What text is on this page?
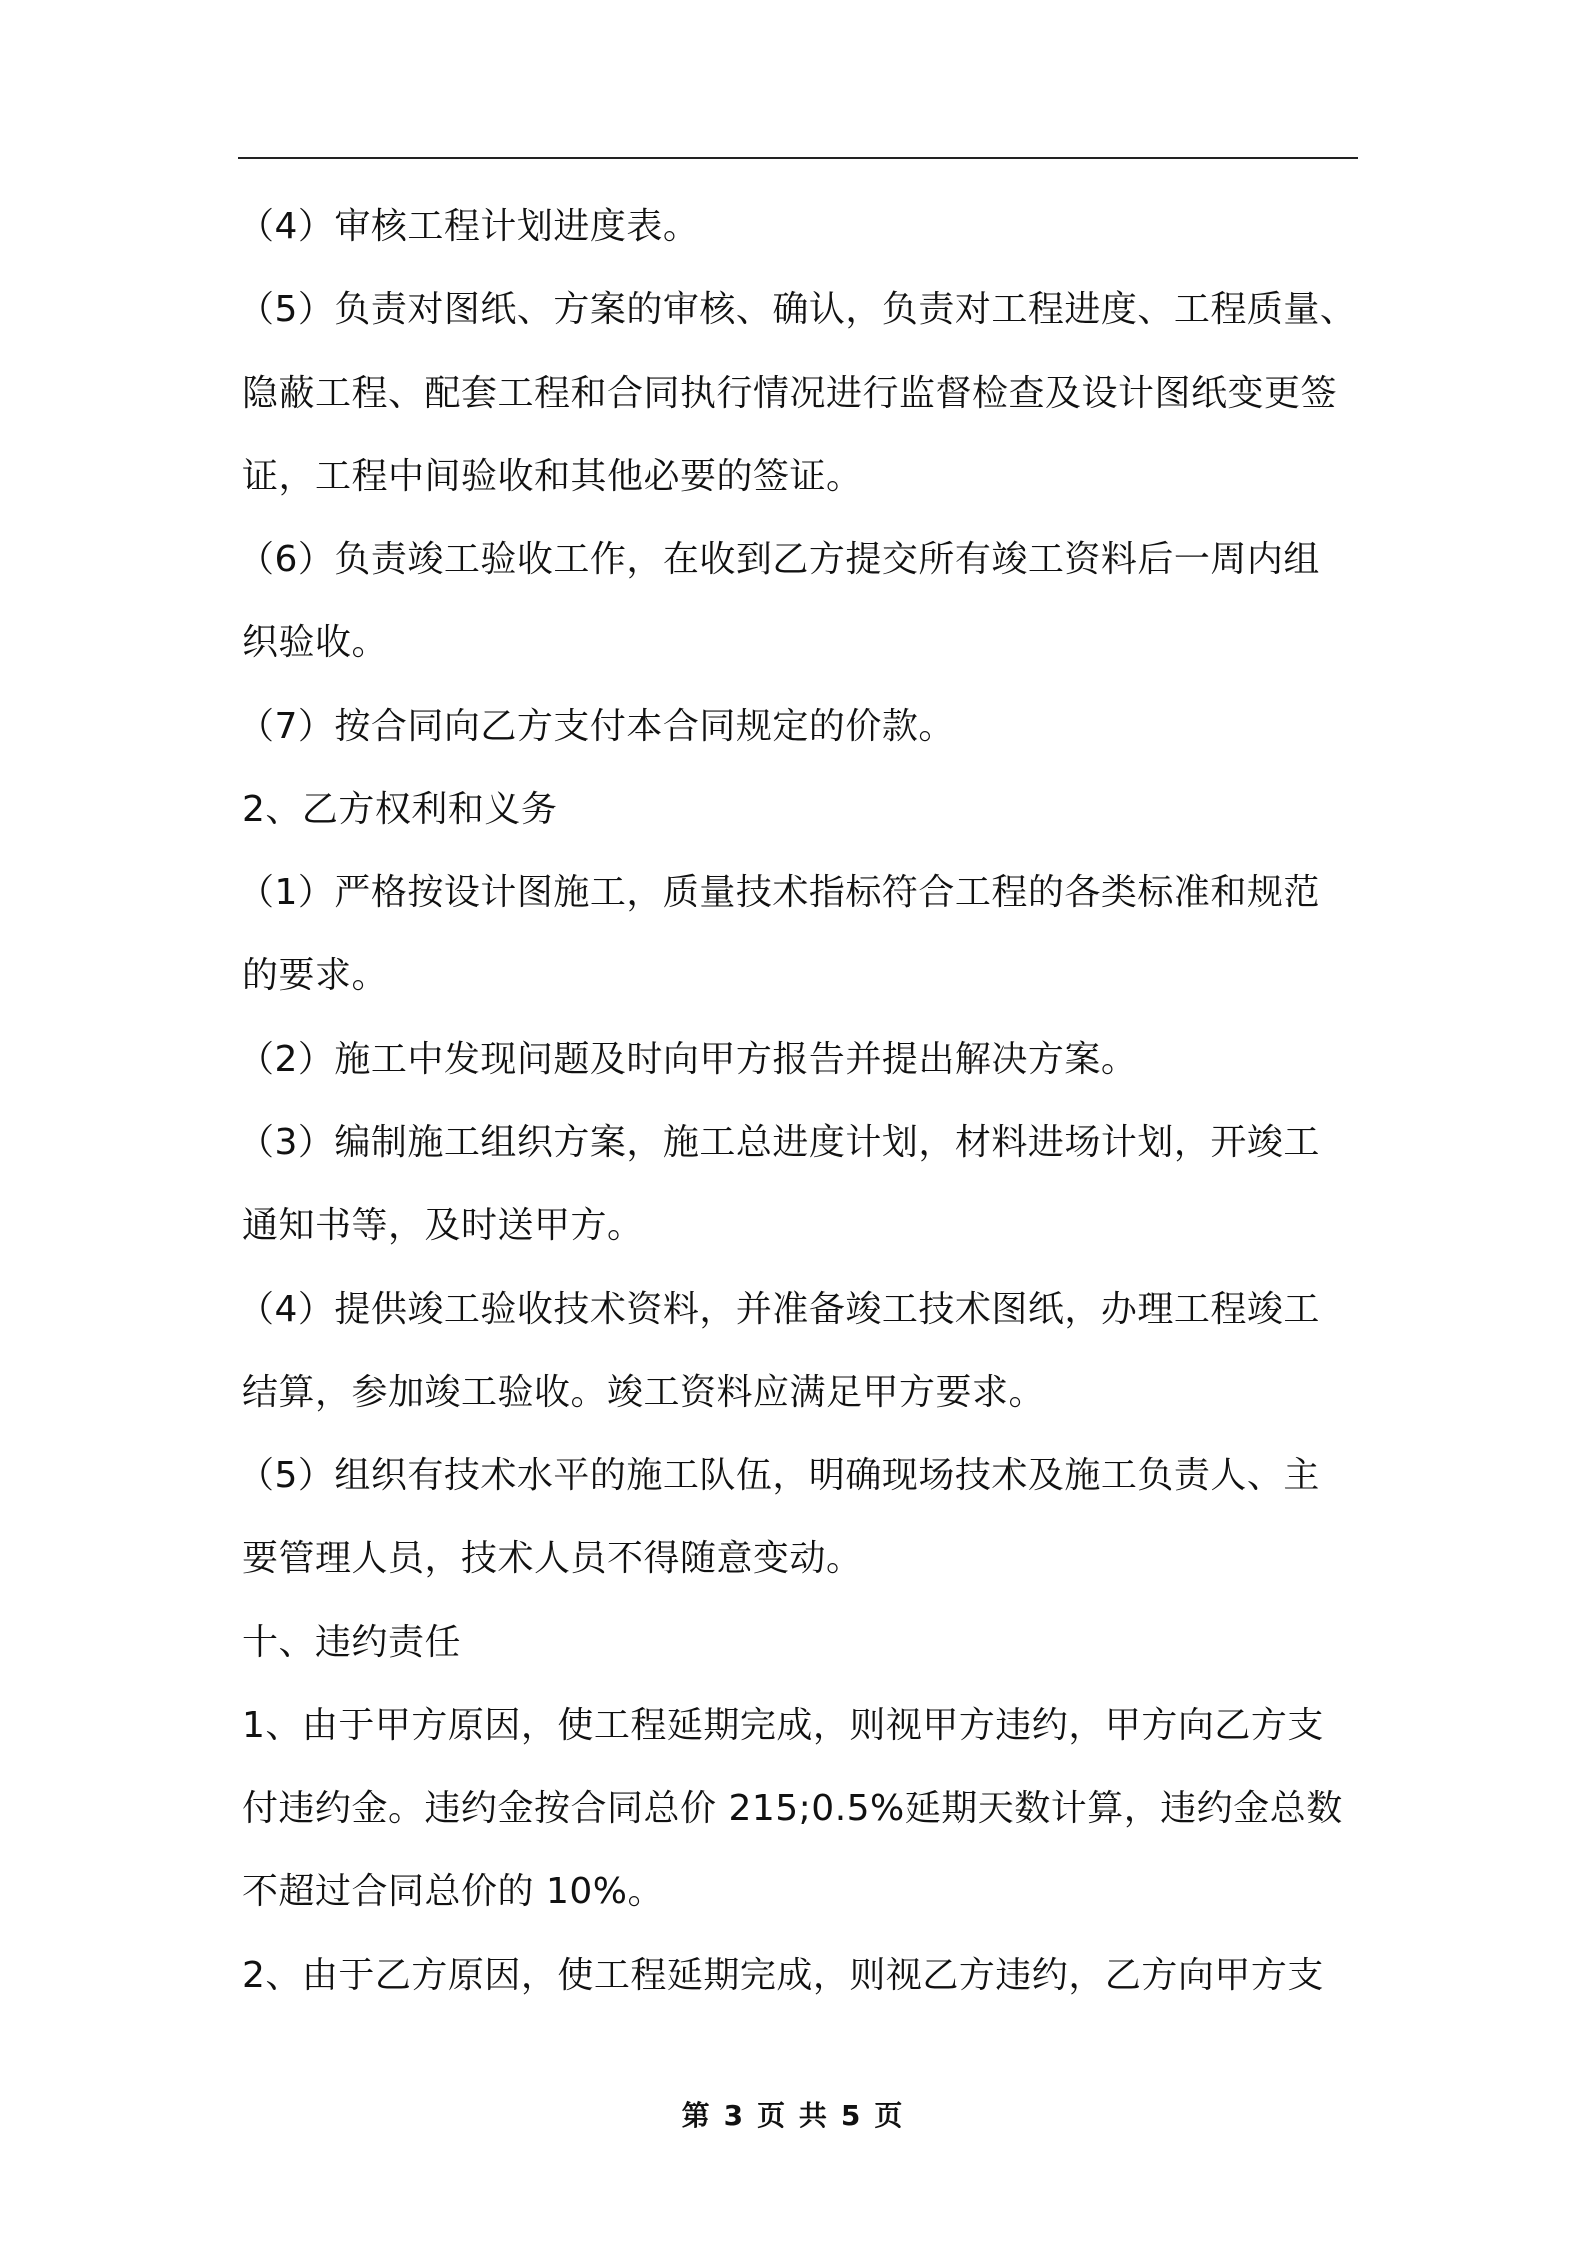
（4）审核工程计划进度表。
（5）负责对图纸、方案的审核、确认，负责对工程进度、工程质量、
隐蔽工程、配套工程和合同执行情况进行监督检查及设计图纸变更签
证，工程中间验收和其他必要的签证。
（6）负责竣工验收工作，在收到乙方提交所有竣工资料后一周内组
织验收。
（7）按合同向乙方支付本合同规定的价款。
2、乙方权利和义务
（1）严格按设计图施工，质量技术指标符合工程的各类标准和规范
的要求。
（2）施工中发现问题及时向甲方报告并提出解决方案。
（3）编制施工组织方案，施工总进度计划，材料进场计划，开竣工
通知书等，及时送甲方。
（4）提供竣工验收技术资料，并准备竣工技术图纸，办理工程竣工
结算，参加竣工验收。竣工资料应满足甲方要求。
（5）组织有技术水平的施工队伍，明确现场技术及施工负责人、主
要管理人员，技术人员不得随意变动。
十、违约责任
1、由于甲方原因，使工程延期完成，则视甲方违约，甲方向乙方支
付违约金。违约金按合同总价 215;0.5%延期天数计算，违约金总数
不超过合同总价的 10%。
2、由于乙方原因，使工程延期完成，则视乙方违约，乙方向甲方支
第 3 页 共 5 页
